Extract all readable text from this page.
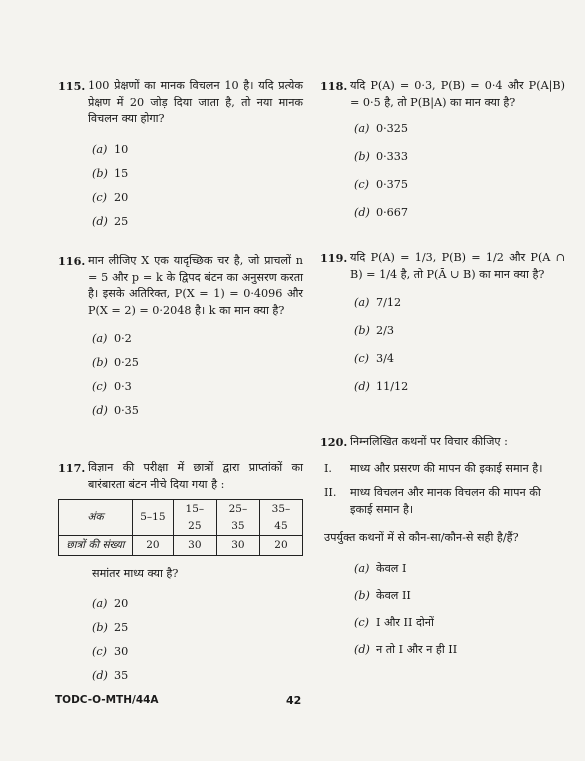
115. 100 प्रेक्षणों का मानक विचलन 10 है। यदि प्रत्येक प्रेक्षण में 20 जोड़ दिया जाता है, तो नया मानक विचलन क्या होगा?
(a) 10
(b) 15
(c) 20
(d) 25
116. मान लीजिए X एक यादृच्छिक चर है, जो प्राचलों n = 5 और p = k के द्विपद बंटन का अनुसरण करता है। इसके अतिरिक्त, P(X = 1) = 0·4096 और P(X = 2) = 0·2048 है। k का मान क्या है?
(a) 0·2
(b) 0·25
(c) 0·3
(d) 0·35
117. विज्ञान की परीक्षा में छात्रों द्वारा प्राप्तांकों का बारंबारता बंटन नीचे दिया गया है :
अंक	5–15	15–25	25–35	35–45
छात्रों की संख्या	20	30	30	20
समांतर माध्य क्या है?
(a) 20
(b) 25
(c) 30
(d) 35
118. यदि P(A) = 0·3, P(B) = 0·4 और P(A|B) = 0·5 है, तो P(B|A) का मान क्या है?
(a) 0·325
(b) 0·333
(c) 0·375
(d) 0·667
119. यदि P(A) = 1/3, P(B) = 1/2 और P(A ∩ B) = 1/4 है, तो P(Ā ∪ B) का मान क्या है?
(a) 7/12
(b) 2/3
(c) 3/4
(d) 11/12
120. निम्नलिखित कथनों पर विचार कीजिए :
I.	माध्य और प्रसरण की मापन की इकाई समान है।
II.	माध्य विचलन और मानक विचलन की मापन की इकाई समान है।
उपर्युक्त कथनों में से कौन-सा/कौन-से सही है/हैं?
(a) केवल I
(b) केवल II
(c) I और II दोनों
(d) न तो I और न ही II
TODC-O-MTH/44A	42
